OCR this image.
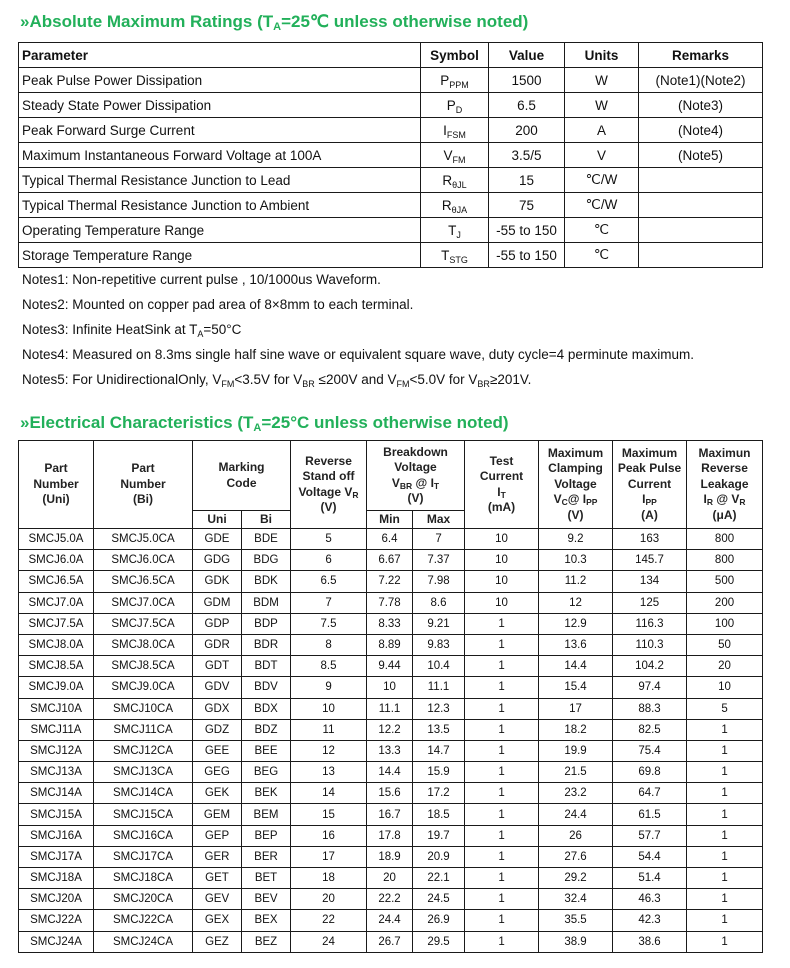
»Absolute Maximum Ratings ($T_A=25℃$ unless otherwise noted)
Parameter	Symbol	Value	Units	Remarks
Peak Pulse Power Dissipation	$P_{PPM}$	1500	W	(Note1)(Note2)
Steady State Power Dissipation	$P_D$	6.5	W	(Note3)
Peak Forward Surge Current	$I_{FSM}$	200	A	(Note4)
Maximum Instantaneous Forward Voltage at 100A	$V_{FM}$	3.5/5	V	(Note5)
Typical Thermal Resistance Junction to Lead	$R_{\theta JL}$	15	℃/W	
Typical Thermal Resistance Junction to Ambient	$R_{\theta JA}$	75	℃/W	
Operating Temperature Range	$T_J$	-55 to 150	℃	
Storage Temperature Range	$T_{STG}$	-55 to 150	℃	
Notes1: Non-repetitive current pulse , 10/1000us Waveform.
Notes2: Mounted on copper pad area of 8×8mm to each terminal.
Notes3: Infinite HeatSink at $T_A=50^\circ C$
Notes4: Measured on 8.3ms single half sine wave or equivalent square wave, duty cycle=4 perminute maximum.
Notes5: For UnidirectionalOnly, $V_{FM}<3.5V$ for $V_{BR} \le 200V$ and $V_{FM}<5.0V$ for $V_{BR}\ge 201V$.
»Electrical Characteristics ($T_A=25^\circ C$ unless otherwise noted)
Part
Number
(Uni)	Part
Number
(Bi)	Marking
Code		Reverse
Stand off
Voltage $V_R$
(V)	Breakdown
Voltage
$V_{BR}$ @ $I_T$
(V)		Test
Current
$I_T$
(mA)	Maximum
Clamping
Voltage
$V_C@$ $I_{PP}$
(V)	Maximum
Peak Pulse
Current
$I_{PP}$
(A)	Maximun
Reverse
Leakage
$I_R$ @ $V_R$
(μA)
		Uni	Bi		Min	Max				
SMCJ5.0A	SMCJ5.0CA	GDE	BDE	5	6.4	7	10	9.2	163	800
SMCJ6.0A	SMCJ6.0CA	GDG	BDG	6	6.67	7.37	10	10.3	145.7	800
SMCJ6.5A	SMCJ6.5CA	GDK	BDK	6.5	7.22	7.98	10	11.2	134	500
SMCJ7.0A	SMCJ7.0CA	GDM	BDM	7	7.78	8.6	10	12	125	200
SMCJ7.5A	SMCJ7.5CA	GDP	BDP	7.5	8.33	9.21	1	12.9	116.3	100
SMCJ8.0A	SMCJ8.0CA	GDR	BDR	8	8.89	9.83	1	13.6	110.3	50
SMCJ8.5A	SMCJ8.5CA	GDT	BDT	8.5	9.44	10.4	1	14.4	104.2	20
SMCJ9.0A	SMCJ9.0CA	GDV	BDV	9	10	11.1	1	15.4	97.4	10
SMCJ10A	SMCJ10CA	GDX	BDX	10	11.1	12.3	1	17	88.3	5
SMCJ11A	SMCJ11CA	GDZ	BDZ	11	12.2	13.5	1	18.2	82.5	1
SMCJ12A	SMCJ12CA	GEE	BEE	12	13.3	14.7	1	19.9	75.4	1
SMCJ13A	SMCJ13CA	GEG	BEG	13	14.4	15.9	1	21.5	69.8	1
SMCJ14A	SMCJ14CA	GEK	BEK	14	15.6	17.2	1	23.2	64.7	1
SMCJ15A	SMCJ15CA	GEM	BEM	15	16.7	18.5	1	24.4	61.5	1
SMCJ16A	SMCJ16CA	GEP	BEP	16	17.8	19.7	1	26	57.7	1
SMCJ17A	SMCJ17CA	GER	BER	17	18.9	20.9	1	27.6	54.4	1
SMCJ18A	SMCJ18CA	GET	BET	18	20	22.1	1	29.2	51.4	1
SMCJ20A	SMCJ20CA	GEV	BEV	20	22.2	24.5	1	32.4	46.3	1
SMCJ22A	SMCJ22CA	GEX	BEX	22	24.4	26.9	1	35.5	42.3	1
SMCJ24A	SMCJ24CA	GEZ	BEZ	24	26.7	29.5	1	38.9	38.6	1
